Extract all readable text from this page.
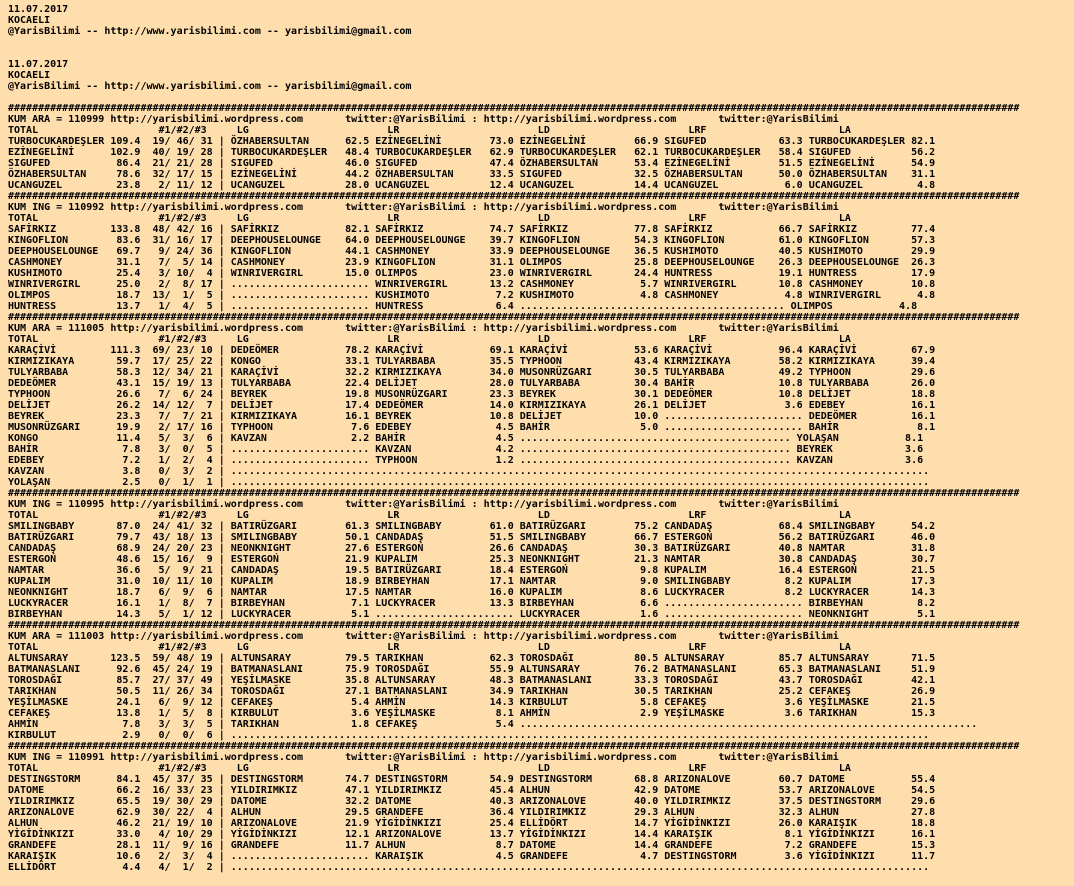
11.07.2017
KOCAELI
@YarisBilimi -- http://www.yarisbilimi.com -- yarisbilimi@gmail.com
11.07.2017
KOCAELI
@YarisBilimi -- http://www.yarisbilimi.com -- yarisbilimi@gmail.com
########################################################################################################################################################################
KUM ARA = 110999 http://yarisbilimi.wordpress.com       twitter:@YarisBilimi : http://yarisbilimi.wordpress.com       twitter:@YarisBilimi
TOTAL                    #1/#2/#3     LG                       LR                       LD                       LRF                      LA
TURBOCUKARDEŞLER 109.4  19/ 46/ 31 | ÖZHABERSULTAN      62.5 EZİNEGELİNİ        73.0 EZİNEGELİNİ        66.9 SIGUFED            63.3 TURBOCUKARDEŞLER 82.1
EZİNEGELİNİ      102.9  40/ 19/ 28 | TURBOCUKARDEŞLER   48.4 TURBOCUKARDEŞLER   62.9 TURBOCUKARDEŞLER   62.1 TURBOCUKARDEŞLER   58.4 SIGUFED          56.2
SIGUFED           86.4  21/ 21/ 28 | SIGUFED            46.0 SIGUFED            47.4 ÖZHABERSULTAN      53.4 EZİNEGELİNİ        51.5 EZİNEGELİNİ      54.9
ÖZHABERSULTAN     78.6  32/ 17/ 15 | EZİNEGELİNİ        44.2 ÖZHABERSULTAN      33.5 SIGUFED            32.5 ÖZHABERSULTAN      50.0 ÖZHABERSULTAN    31.1
UCANGUZEL         23.8   2/ 11/ 12 | UCANGUZEL          28.0 UCANGUZEL          12.4 UCANGUZEL          14.4 UCANGUZEL           6.0 UCANGUZEL         4.8
########################################################################################################################################################################
KUM ING = 110992 http://yarisbilimi.wordpress.com       twitter:@YarisBilimi : http://yarisbilimi.wordpress.com       twitter:@YarisBilimi
TOTAL                    #1/#2/#3     LG                       LR                       LD                       LRF                      LA
SAFİRKIZ         133.8  48/ 42/ 16 | SAFİRKIZ           82.1 SAFİRKIZ           74.7 SAFİRKIZ           77.8 SAFİRKIZ           66.7 SAFİRKIZ         77.4
KINGOFLION        83.6  31/ 16/ 17 | DEEPHOUSELOUNGE    64.0 DEEPHOUSELOUNGE    39.7 KINGOFLION         54.3 KINGOFLION         61.0 KINGOFLION       57.3
DEEPHOUSELOUNGE   69.7   9/ 24/ 36 | KINGOFLION         44.1 CASHMONEY          33.9 DEEPHOUSELOUNGE    36.5 KUSHIMOTO          40.5 KUSHIMOTO        29.9
CASHMONEY         31.1   7/  5/ 14 | CASHMONEY          23.9 KINGOFLION         31.1 OLIMPOS            25.8 DEEPHOUSELOUNGE    26.3 DEEPHOUSELOUNGE  26.3
KUSHIMOTO         25.4   3/ 10/  4 | WINRIVERGIRL       15.0 OLIMPOS            23.0 WINRIVERGIRL       24.4 HUNTRESS           19.1 HUNTRESS         17.9
WINRIVERGIRL      25.0   2/  8/ 17 | ....................... WINRIVERGIRL       13.2 CASHMONEY           5.7 WINRIVERGIRL       10.8 CASHMONEY        10.8
OLIMPOS           18.7  13/  1/  5 | ....................... KUSHIMOTO           7.2 KUSHIMOTO           4.8 CASHMONEY           4.8 WINRIVERGIRL      4.8
HUNTRESS          13.7   1/  4/  5 | ....................... HUNTRESS            6.4 ............................................ OLIMPOS           4.8
########################################################################################################################################################################
KUM ARA = 111005 http://yarisbilimi.wordpress.com       twitter:@YarisBilimi : http://yarisbilimi.wordpress.com       twitter:@YarisBilimi
TOTAL                    #1/#2/#3     LG                       LR                       LD                       LRF                      LA
KARAÇİVİ         111.3  69/ 23/ 10 | DEDEÖMER           78.2 KARAÇİVİ           69.1 KARAÇİVİ           53.6 KARAÇİVİ           96.4 KARAÇİVİ         67.9
KIRMIZIKAYA       59.7  17/ 25/ 22 | KONGO              33.1 TULYARBABA         35.5 TYPHOON            43.4 KIRMIZIKAYA        58.2 KIRMIZIKAYA      39.4
TULYARBABA        58.3  12/ 34/ 21 | KARAÇİVİ           32.2 KIRMIZIKAYA        34.0 MUSONRÜZGARI       30.5 TULYARBABA         49.2 TYPHOON          29.6
DEDEÖMER          43.1  15/ 19/ 13 | TULYARBABA         22.4 DELİJET            28.0 TULYARBABA         30.4 BAHİR              10.8 TULYARBABA       26.0
TYPHOON           26.6   7/  6/ 24 | BEYREK             19.8 MUSONRÜZGARI       23.3 BEYREK             30.1 DEDEÖMER           10.8 DELİJET          18.8
DELİJET           26.2  14/ 12/  7 | DELİJET            17.4 DEDEÖMER           14.0 KIRMIZIKAYA        26.1 DELİJET             3.6 EDEBEY           16.1
BEYREK            23.3   7/  7/ 21 | KIRMIZIKAYA        16.1 BEYREK             10.8 DELİJET            10.0 ....................... DEDEÖMER         16.1
MUSONRÜZGARI      19.9   2/ 17/ 16 | TYPHOON             7.6 EDEBEY              4.5 BAHİR               5.0 ....................... BAHİR             8.1
KONGO             11.4   5/  3/  6 | KAVZAN              2.2 BAHİR               4.5 ............................................. YOLAŞAN           8.1
BAHİR              7.8   3/  0/  5 | ....................... KAVZAN              4.2 ............................................. BEYREK            3.6
EDEBEY             7.2   1/  2/  4 | ....................... TYPHOON             1.2 ............................................. KAVZAN            3.6
KAVZAN             3.8   0/  3/  2 | ....................................................................................................................
YOLAŞAN            2.5   0/  1/  1 | ....................................................................................................................
########################################################################################################################################################################
KUM ING = 110995 http://yarisbilimi.wordpress.com       twitter:@YarisBilimi : http://yarisbilimi.wordpress.com       twitter:@YarisBilimi
TOTAL                    #1/#2/#3     LG                       LR                       LD                       LRF                      LA
SMILINGBABY       87.0  24/ 41/ 32 | BATIRÜZGARI        61.3 SMILINGBABY        61.0 BATIRÜZGARI        75.2 CANDADAŞ           68.4 SMILINGBABY      54.2
BATIRÜZGARI       79.7  43/ 18/ 13 | SMILINGBABY        50.1 CANDADAŞ           51.5 SMILINGBABY        66.7 ESTERGOŃ           56.2 BATIRÜZGARI      46.0
CANDADAŞ          68.9  24/ 20/ 23 | NEONKNIGHT         27.6 ESTERGOŃ           26.6 CANDADAŞ           30.3 BATIRÜZGARI        40.8 NAMTAR           31.8
ESTERGOŃ          48.6  15/ 16/  9 | ESTERGOŃ           21.9 KUPALIM            25.3 NEONKNIGHT         21.3 NAMTAR             30.8 CANDADAŞ         30.7
NAMTAR            36.6   5/  9/ 21 | CANDADAŞ           19.5 BATIRÜZGARI        18.4 ESTERGOŃ            9.8 KUPALIM            16.4 ESTERGOŃ         21.5
KUPALIM           31.0  10/ 11/ 10 | KUPALIM            18.9 BIRBEYHAN          17.1 NAMTAR              9.0 SMILINGBABY         8.2 KUPALIM          17.3
NEONKNIGHT        18.7   6/  9/  6 | NAMTAR             17.5 NAMTAR             16.0 KUPALIM             8.6 LUCKYRACER          8.2 LUCKYRACER       14.3
LUCKYRACER        16.1   1/  8/  7 | BIRBEYHAN           7.1 LUCKYRACER         13.3 BIRBEYHAN           6.6 ....................... BIRBEYHAN         8.2
BIRBEYHAN         14.3   5/  1/ 12 | LUCKYRACER          5.1 ....................... LUCKYRACER          1.6 ....................... NEONKNIGHT        5.1
########################################################################################################################################################################
KUM ARA = 111003 http://yarisbilimi.wordpress.com       twitter:@YarisBilimi : http://yarisbilimi.wordpress.com       twitter:@YarisBilimi
TOTAL                    #1/#2/#3     LG                       LR                       LD                       LRF                      LA
ALTUNSARAY       123.5  59/ 48/ 19 | ALTUNSARAY         79.5 TARIKHAN           62.3 TOROSDAĞI          80.5 ALTUNSARAY         85.7 ALTUNSARAY       71.5
BATMANASLANI      92.6  45/ 24/ 19 | BATMANASLANI       75.9 TOROSDAĞI          55.9 ALTUNSARAY         76.2 BATMANASLANI       65.3 BATMANASLANI     51.9
TOROSDAĞI         85.7  27/ 37/ 49 | YEŞİLMASKE         35.8 ALTUNSARAY         48.3 BATMANASLANI       33.3 TOROSDAĞI          43.7 TOROSDAĞI        42.1
TARIKHAN          50.5  11/ 26/ 34 | TOROSDAĞI          27.1 BATMANASLANI       34.9 TARIKHAN           30.5 TARIKHAN           25.2 CEFAKEŞ          26.9
YEŞİLMASKE        24.1   6/  9/ 12 | CEFAKEŞ             5.4 AHMİN              14.3 KIRBULUT            5.8 CEFAKEŞ             3.6 YEŞİLMASKE       21.5
CEFAKEŞ           13.8   1/  5/  8 | KIRBULUT            3.6 YEŞİLMASKE          8.1 AHMİN               2.9 YEŞİLMASKE          3.6 TARIKHAN         15.3
AHMİN              7.8   3/  3/  5 | TARIKHAN            1.8 CEFAKEŞ             5.4 ............................................................................
KIRBULUT           2.9   0/  0/  6 | ....................................................................................................................
########################################################################################################################################################################
KUM ING = 110991 http://yarisbilimi.wordpress.com       twitter:@YarisBilimi : http://yarisbilimi.wordpress.com       twitter:@YarisBilimi
TOTAL                    #1/#2/#3     LG                       LR                       LD                       LRF                      LA
DESTINGSTORM      84.1  45/ 37/ 35 | DESTINGSTORM       74.7 DESTINGSTORM       54.9 DESTINGSTORM       68.8 ARIZONALOVE        60.7 DATOME           55.4
DATOME            66.2  16/ 33/ 23 | YILDIRIMKIZ        47.1 YILDIRIMKIZ        45.4 ALHUN              42.9 DATOME             53.7 ARIZONALOVE      54.5
YILDIRIMKIZ       65.5  19/ 30/ 29 | DATOME             32.2 DATOME             40.3 ARIZONALOVE        40.0 YILDIRIMKIZ        37.5 DESTINGSTORM     29.6
ARIZONALOVE       62.9  30/ 22/  4 | ALHUN              29.5 GRANDEFE           36.4 YILDIRIMKIZ        29.3 ALHUN              32.3 ALHUN            27.8
ALHUN             46.2  21/ 19/ 10 | ARIZONALOVE        21.9 YİGİDİNKIZI        25.4 ELLİDÖRT           14.7 YİGİDİNKIZI        26.0 KARAIŞIK         18.8
YİGİDİNKIZI       33.0   4/ 10/ 29 | YİGİDİNKIZI        12.1 ARIZONALOVE        13.7 YİGİDİNKIZI        14.4 KARAIŞIK            8.1 YİGİDİNKIZI      16.1
GRANDEFE          28.1  11/  9/ 16 | GRANDEFE           11.7 ALHUN               8.7 DATOME             14.4 GRANDEFE            7.2 GRANDEFE         15.3
KARAIŞIK          10.6   2/  3/  4 | ....................... KARAIŞIK            4.5 GRANDEFE            4.7 DESTINGSTORM        3.6 YİGİDİNKIZI      11.7
ELLİDÖRT           4.4   4/  1/  2 | ....................................................................................................................
